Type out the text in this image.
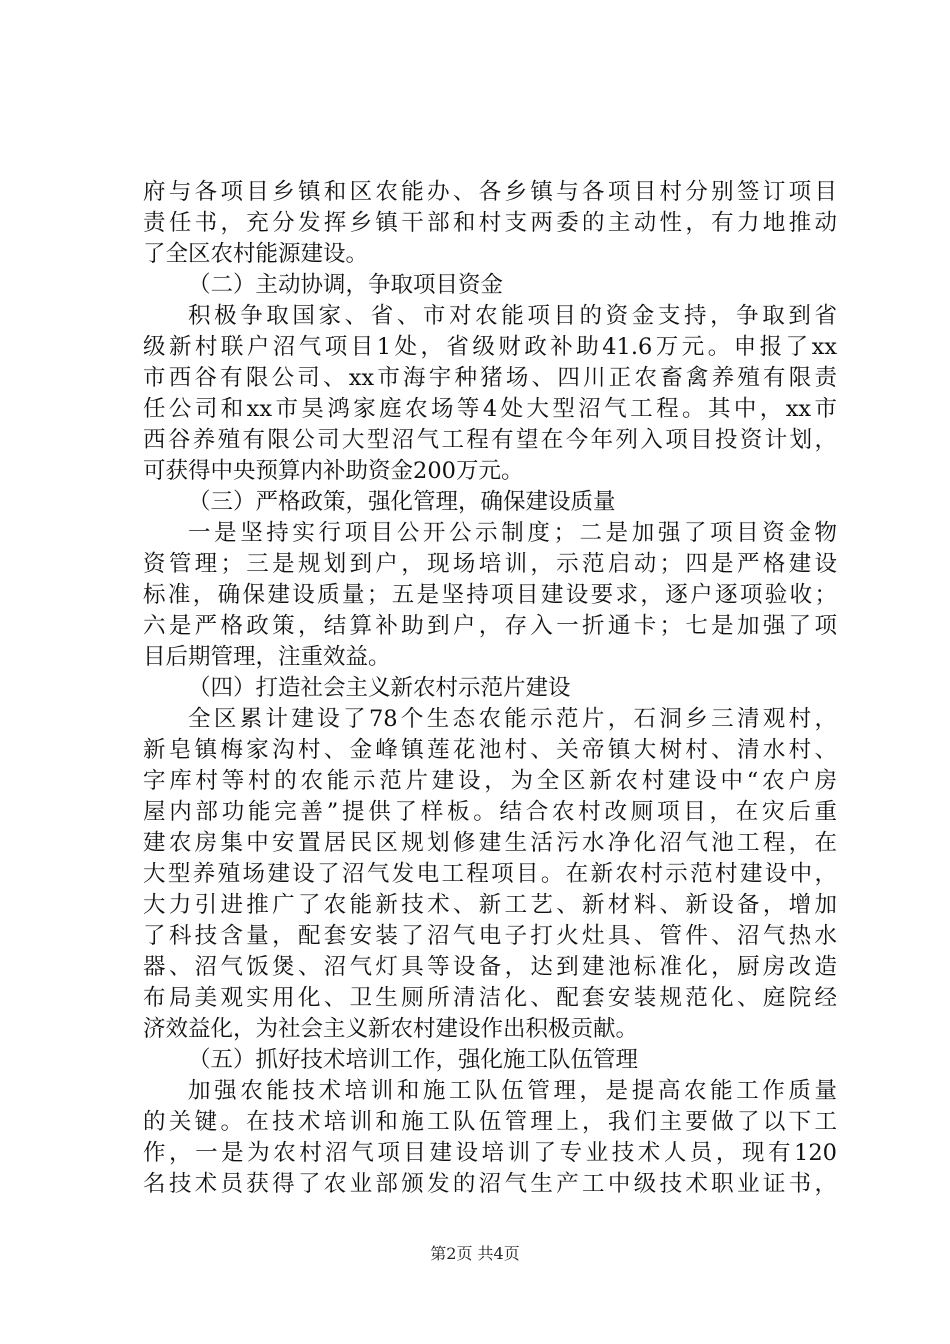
府与各项目乡镇和区农能办、各乡镇与各项目村分别签订项目
责任书，充分发挥乡镇干部和村支两委的主动性，有力地推动
了全区农村能源建设。
（二）主动协调，争取项目资金
积极争取国家、省、市对农能项目的资金支持，争取到省
级新村联户沼气项目1处，省级财政补助41.6万元。申报了xx
市西谷有限公司、xx市海宇种猪场、四川正农畜禽养殖有限责
任公司和xx市昊鸿家庭农场等4处大型沼气工程。其中，xx市
西谷养殖有限公司大型沼气工程有望在今年列入项目投资计划，
可获得中央预算内补助资金200万元。
（三）严格政策，强化管理，确保建设质量
一是坚持实行项目公开公示制度；二是加强了项目资金物
资管理；三是规划到户，现场培训，示范启动；四是严格建设
标准，确保建设质量；五是坚持项目建设要求，逐户逐项验收；
六是严格政策，结算补助到户，存入一折通卡；七是加强了项
目后期管理，注重效益。
（四）打造社会主义新农村示范片建设
全区累计建设了78个生态农能示范片，石洞乡三清观村，
新皂镇梅家沟村、金峰镇莲花池村、关帝镇大树村、清水村、
字库村等村的农能示范片建设，为全区新农村建设中“农户房
屋内部功能完善”提供了样板。结合农村改厕项目，在灾后重
建农房集中安置居民区规划修建生活污水净化沼气池工程，在
大型养殖场建设了沼气发电工程项目。在新农村示范村建设中，
大力引进推广了农能新技术、新工艺、新材料、新设备，增加
了科技含量，配套安装了沼气电子打火灶具、管件、沼气热水
器、沼气饭煲、沼气灯具等设备，达到建池标准化，厨房改造
布局美观实用化、卫生厕所清洁化、配套安装规范化、庭院经
济效益化，为社会主义新农村建设作出积极贡献。
（五）抓好技术培训工作，强化施工队伍管理
加强农能技术培训和施工队伍管理，是提高农能工作质量
的关键。在技术培训和施工队伍管理上，我们主要做了以下工
作，一是为农村沼气项目建设培训了专业技术人员，现有120
名技术员获得了农业部颁发的沼气生产工中级技术职业证书，
第2页 共4页
